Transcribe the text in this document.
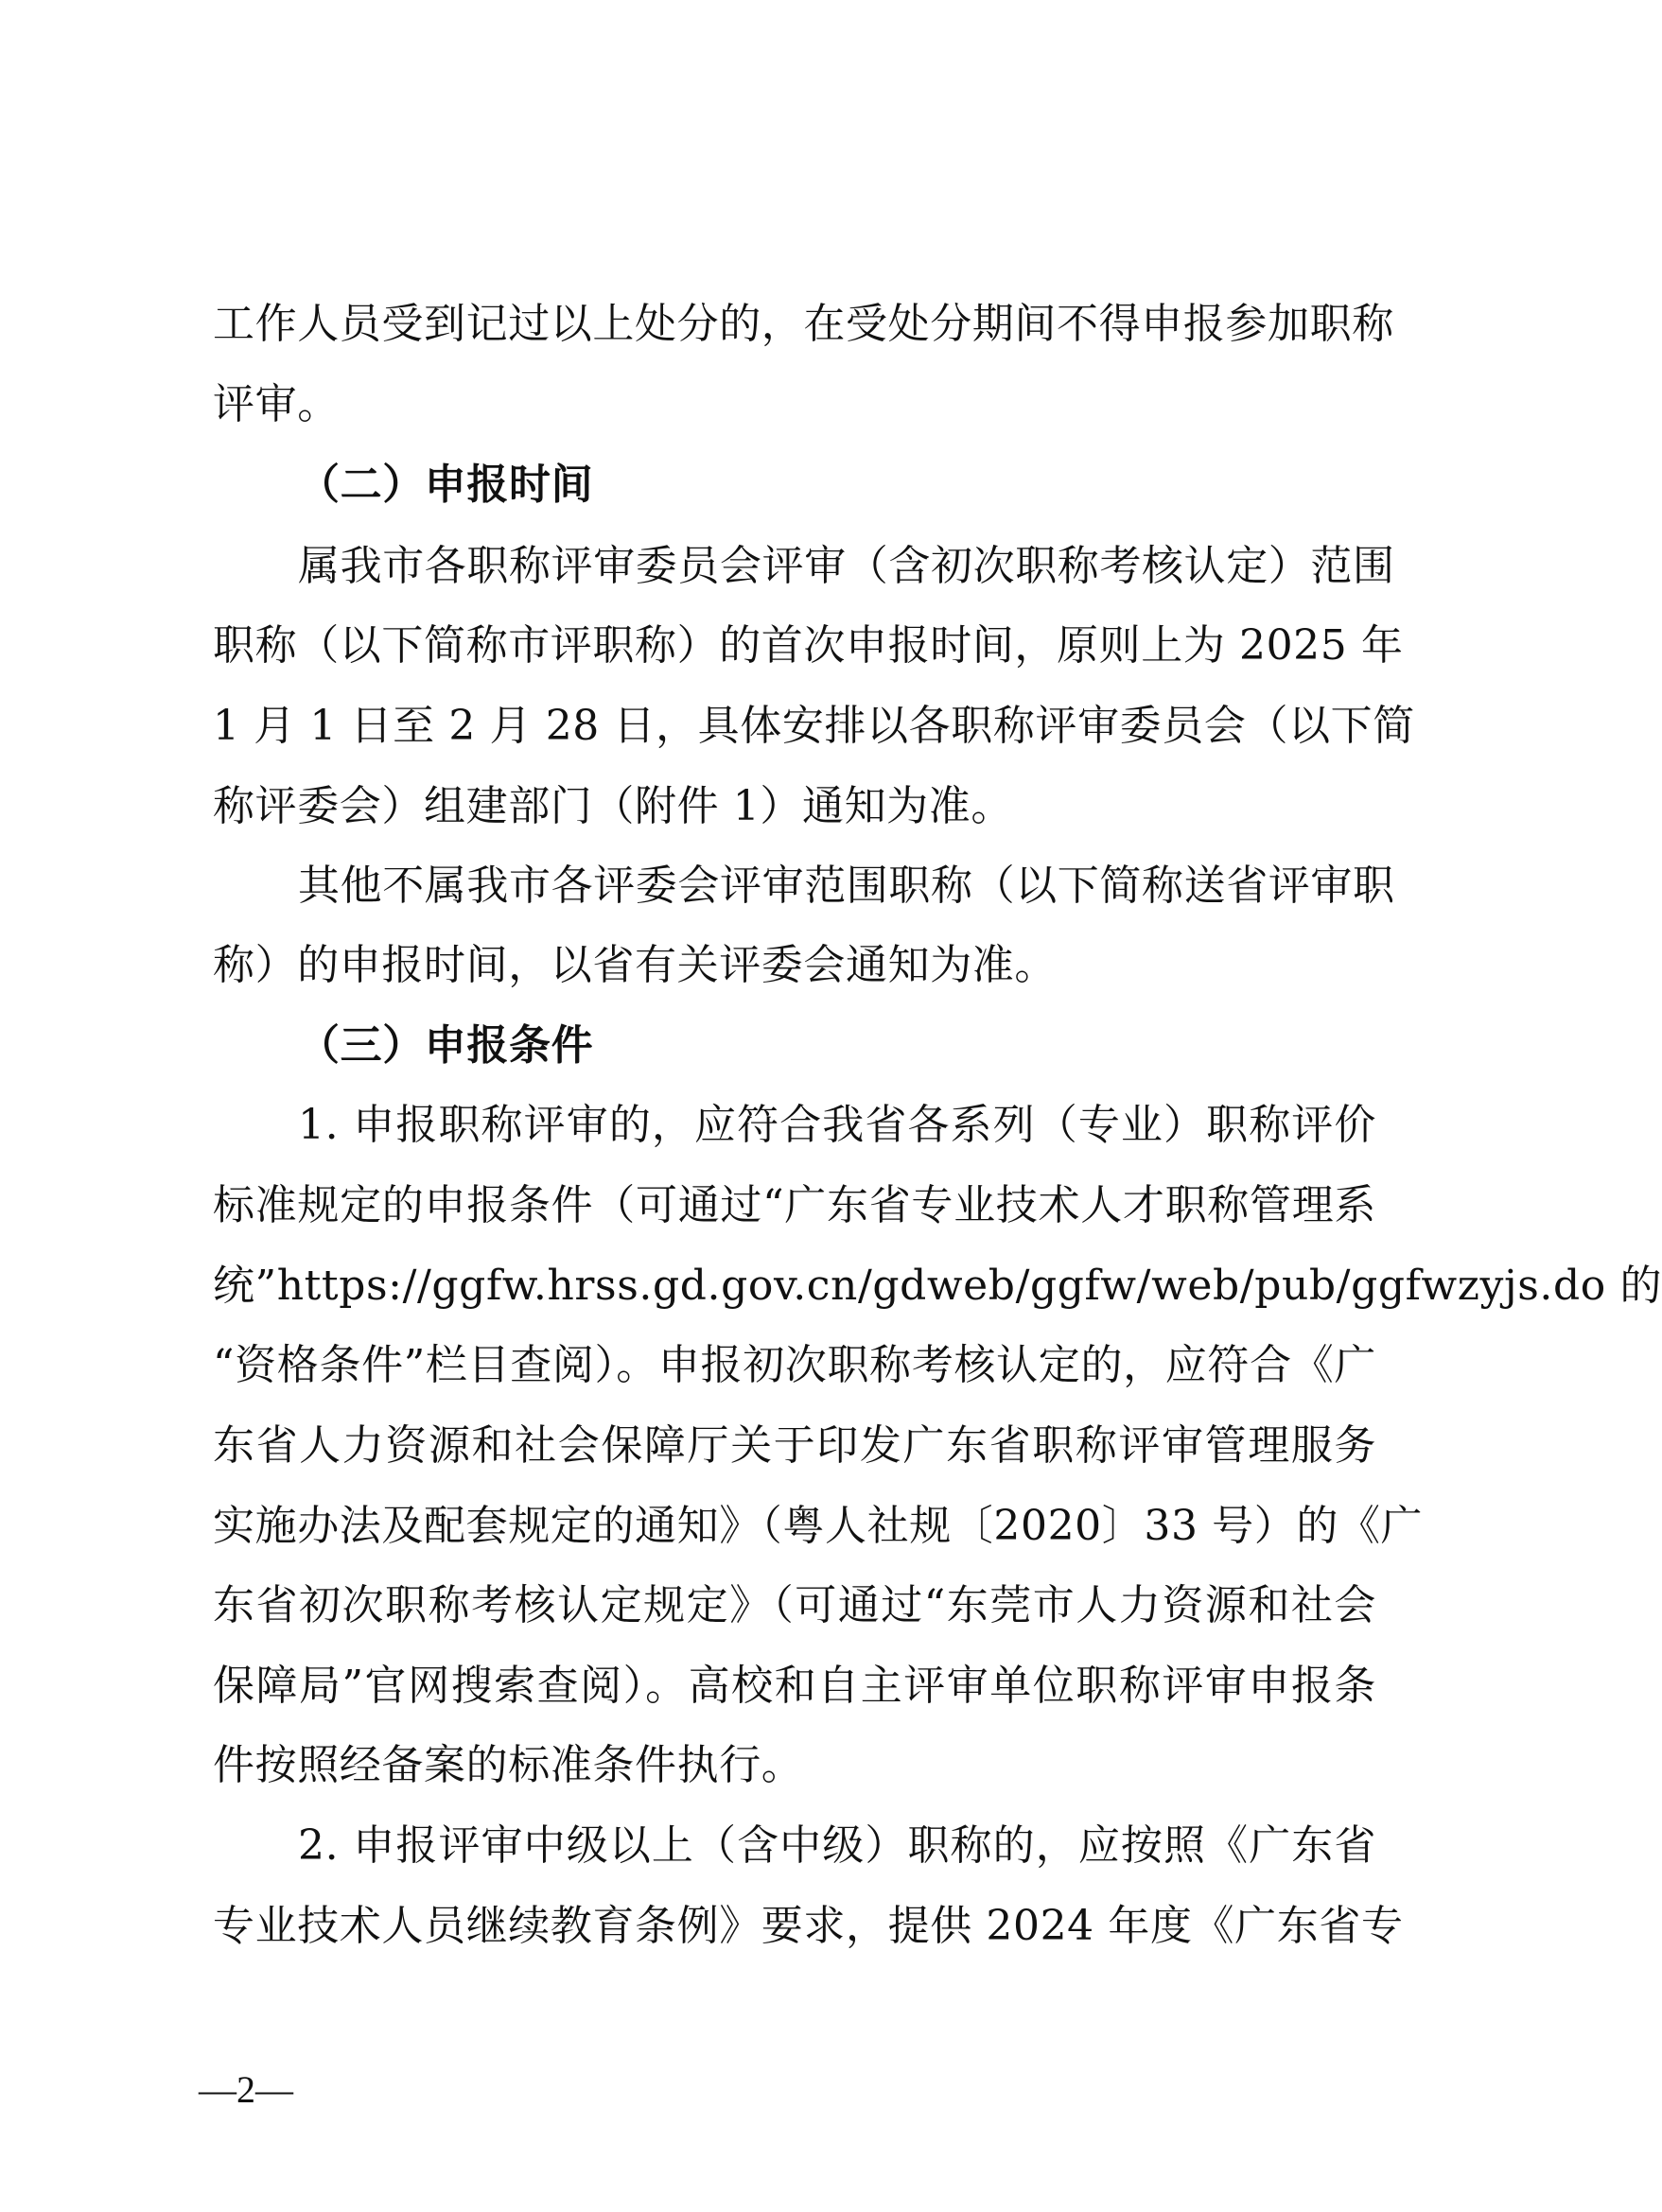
工作人员受到记过以上处分的，在受处分期间不得申报参加职称
评审。
（二）申报时间
属我市各职称评审委员会评审（含初次职称考核认定）范围
职称（以下简称市评职称）的首次申报时间，原则上为 2025 年
1 月 1 日至 2 月 28 日，具体安排以各职称评审委员会（以下简
称评委会）组建部门（附件 1）通知为准。
其他不属我市各评委会评审范围职称（以下简称送省评审职
称）的申报时间，以省有关评委会通知为准。
（三）申报条件
1. 申报职称评审的，应符合我省各系列（专业）职称评价
标准规定的申报条件（可通过“广东省专业技术人才职称管理系
统”https://ggfw.hrss.gd.gov.cn/gdweb/ggfw/web/pub/ggfwzyjs.do 的
“资格条件”栏目查阅）。申报初次职称考核认定的，应符合《广
东省人力资源和社会保障厅关于印发广东省职称评审管理服务
实施办法及配套规定的通知》（粤人社规〔2020〕33 号）的《广
东省初次职称考核认定规定》（可通过“东莞市人力资源和社会
保障局”官网搜索查阅）。高校和自主评审单位职称评审申报条
件按照经备案的标准条件执行。
2. 申报评审中级以上（含中级）职称的，应按照《广东省
专业技术人员继续教育条例》要求，提供 2024 年度《广东省专
—2—
